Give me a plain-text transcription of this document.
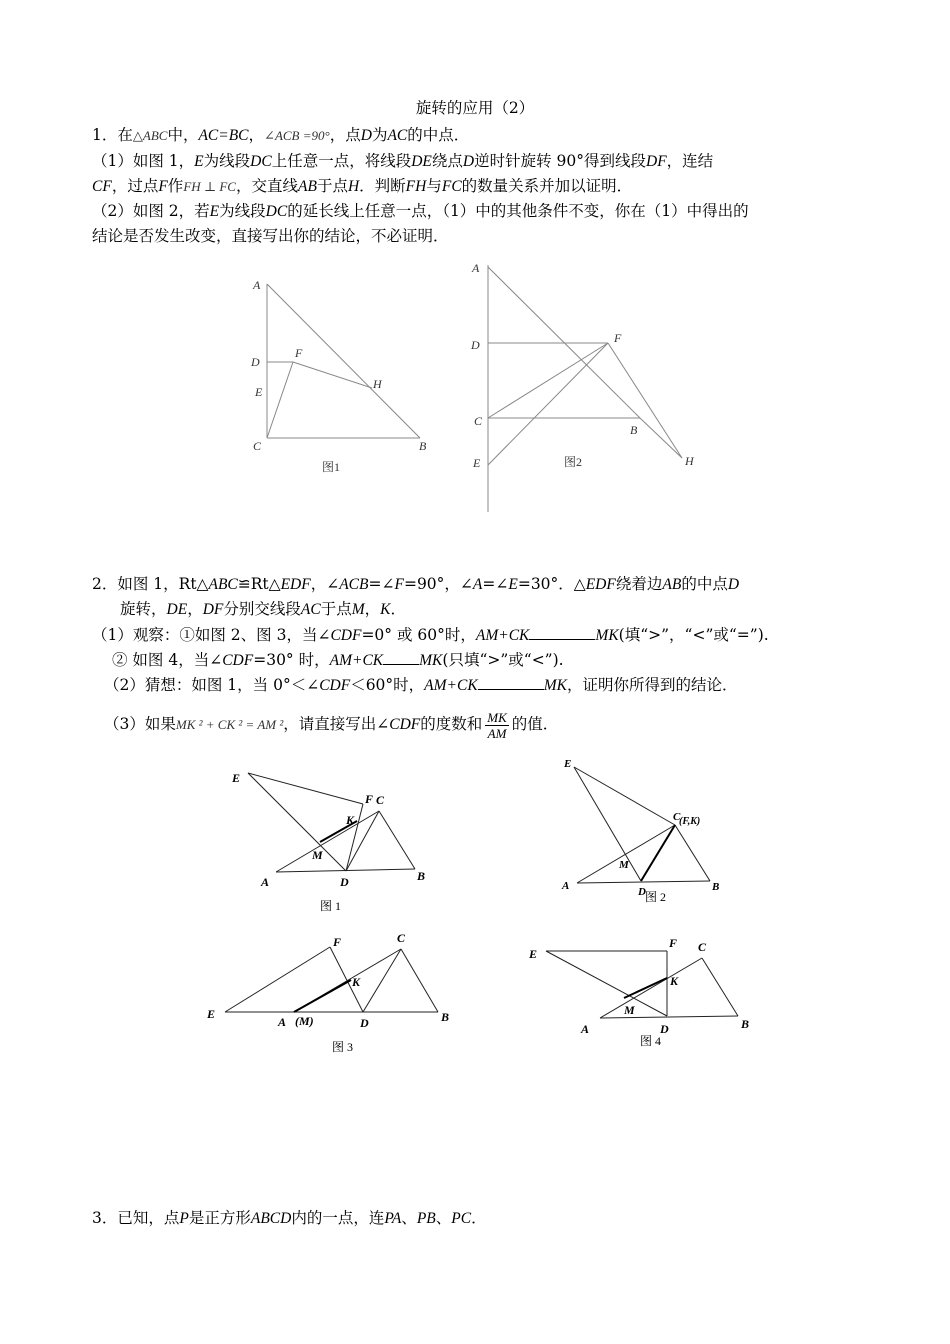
旋转的应用（2）
1．在△ABC中，AC=BC，∠ACB =90°，点D为AC的中点．
（1）如图 1，E为线段DC上任意一点，将线段DE绕点D逆时针旋转 90°得到线段DF，连结
CF，过点F作FH ⊥ FC，交直线AB于点H．判断FH与FC的数量关系并加以证明．
（2）如图 2，若E为线段DC的延长线上任意一点，（1）中的其他条件不变，你在（1）中得出的
结论是否发生改变，直接写出你的结论，不必证明．
A
D
F
E
H
C	B
图1
A
D	F
C
B
E	H
图2
2．如图 1，Rt△ABC≌Rt△EDF，∠ACB=∠F=90°，∠A=∠E=30°．△EDF绕着边AB的中点D
旋转，DE，DF分别交线段AC于点M，K．
（1）观察：①如图 2、图 3，当∠CDF=0° 或 60°时，AM+CK	MK(填“>”，“<”或“=”).
② 如图 4，当∠CDF=30° 时，AM+CK MK(只填“>”或“<”).
（2）猜想：如图 1，当 0°＜∠CDF＜60°时，AM+CK	MK，证明你所得到的结论．
（3）如果MK ² + CK ² = AM ²，请直接写出∠CDF的度数和 $\frac{MK}{AM}$ 的值．
E
F C
K
M
A	D	B
图 1
E
C
(F,K)
M
A	D	B
图 2
F	C
K
E
A (M)	D	B
图 3
E
F C
K
M
A	D	B
图 4
3．已知，点P是正方形ABCD内的一点，连PA、PB、PC．
